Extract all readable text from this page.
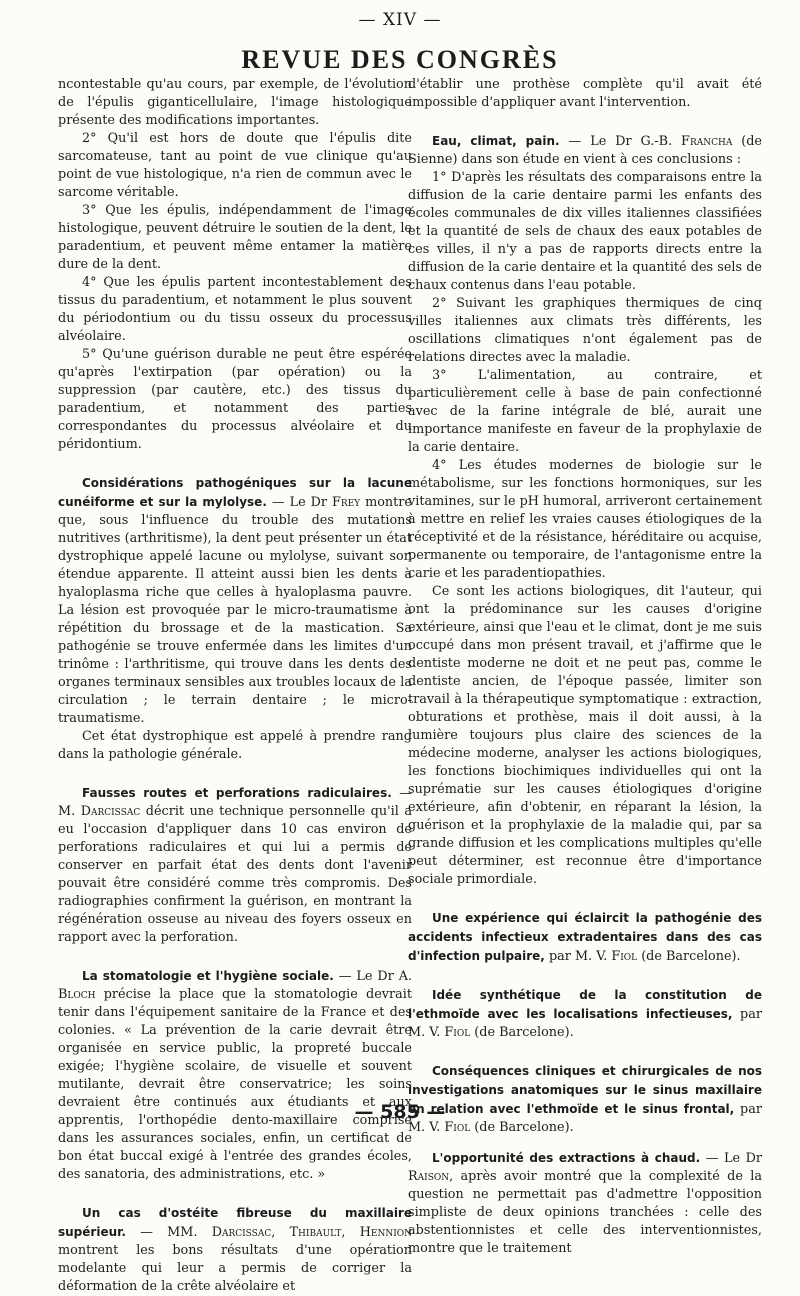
— XIV —
REVUE DES CONGRÈS

ncontestable qu'au cours, par exemple, de l'évolution de l'épulis giganticellulaire, l'image histologique présente des modifications importantes.

2° Qu'il est hors de doute que l'épulis dite sarcomateuse, tant au point de vue clinique qu'au point de vue histologique, n'a rien de commun avec le sarcome véritable.

3° Que les épulis, indépendamment de l'image histologique, peuvent détruire le soutien de la dent, le paradentium, et peuvent même entamer la matière dure de la dent.

4° Que les épulis partent incontestablement des tissus du paradentium, et notamment le plus souvent du périodontium ou du tissu osseux du processus alvéolaire.

5° Qu'une guérison durable ne peut être espérée qu'après l'extirpation (par opération) ou la suppression (par cautère, etc.) des tissus du paradentium, et notamment des parties correspondantes du processus alvéolaire et du péridontium.

Considérations pathogéniques sur la lacune cunéiforme et sur la mylolyse. — Le Dr Frey montre que, sous l'influence du trouble des mutations nutritives (arthritisme), la dent peut présenter un état dystrophique appelé lacune ou mylolyse, suivant son étendue apparente. Il atteint aussi bien les dents à hyaloplasma riche que celles à hyaloplasma pauvre. La lésion est provoquée par le micro-traumatisme à répétition du brossage et de la mastication. Sa pathogénie se trouve enfermée dans les limites d'un trinôme : l'arthritisme, qui trouve dans les dents des organes terminaux sensibles aux troubles locaux de la circulation ; le terrain dentaire ; le micro-traumatisme.

Cet état dystrophique est appelé à prendre rang dans la pathologie générale.

Fausses routes et perforations radiculaires. — M. Darcissac décrit une technique personnelle qu'il a eu l'occasion d'appliquer dans 10 cas environ de perforations radiculaires et qui lui a permis de conserver en parfait état des dents dont l'avenir pouvait être considéré comme très compromis. Des radiographies confirment la guérison, en montrant la régénération osseuse au niveau des foyers osseux en rapport avec la perforation.

La stomatologie et l'hygiène sociale. — Le Dr A. Bloch précise la place que la stomatologie devrait tenir dans l'équipement sanitaire de la France et des colonies. « La prévention de la carie devrait être organisée en service public, la propreté buccale exigée; l'hygiène scolaire, de visuelle et souvent mutilante, devrait être conservatrice; les soins devraient être continués aux étudiants et aux apprentis, l'orthopédie dento-maxillaire comprise dans les assurances sociales, enfin, un certificat de bon état buccal exigé à l'entrée des grandes écoles, des sanatoria, des administrations, etc. »

Un cas d'ostéite fibreuse du maxillaire supérieur. — MM. Darcissac, Thibault, Hennion montrent les bons résultats d'une opération modelante qui leur a permis de corriger la déformation de la crête alvéolaire et

d'établir une prothèse complète qu'il avait été impossible d'appliquer avant l'intervention.

Eau, climat, pain. — Le Dr G.-B. Francha (de Sienne) dans son étude en vient à ces conclusions :

1° D'après les résultats des comparaisons entre la diffusion de la carie dentaire parmi les enfants des écoles communales de dix villes italiennes classifiées et la quantité de sels de chaux des eaux potables de ces villes, il n'y a pas de rapports directs entre la diffusion de la carie dentaire et la quantité des sels de chaux contenus dans l'eau potable.

2° Suivant les graphiques thermiques de cinq villes italiennes aux climats très différents, les oscillations climatiques n'ont également pas de relations directes avec la maladie.

3° L'alimentation, au contraire, et particulièrement celle à base de pain confectionné avec de la farine intégrale de blé, aurait une importance manifeste en faveur de la prophylaxie de la carie dentaire.

4° Les études modernes de biologie sur le métabolisme, sur les fonctions hormoniques, sur les vitamines, sur le pH humoral, arriveront certainement à mettre en relief les vraies causes étiologiques de la réceptivité et de la résistance, héréditaire ou acquise, permanente ou temporaire, de l'antagonisme entre la carie et les paradentiopathies.

Ce sont les actions biologiques, dit l'auteur, qui ont la prédominance sur les causes d'origine extérieure, ainsi que l'eau et le climat, dont je me suis occupé dans mon présent travail, et j'affirme que le dentiste moderne ne doit et ne peut pas, comme le dentiste ancien, de l'époque passée, limiter son travail à la thérapeutique symptomatique : extraction, obturations et prothèse, mais il doit aussi, à la lumière toujours plus claire des sciences de la médecine moderne, analyser les actions biologiques, les fonctions biochimiques individuelles qui ont la suprématie sur les causes étiologiques d'origine extérieure, afin d'obtenir, en réparant la lésion, la guérison et la prophylaxie de la maladie qui, par sa grande diffusion et les complications multiples qu'elle peut déterminer, est reconnue être d'importance sociale primordiale.

Une expérience qui éclaircit la pathogénie des accidents infectieux extradentaires dans des cas d'infection pulpaire, par M. V. Fiol (de Barcelone).

Idée synthétique de la constitution de l'ethmoïde avec les localisations infectieuses, par M. V. Fiol (de Barcelone).

Conséquences cliniques et chirurgicales de nos investigations anatomiques sur le sinus maxillaire en relation avec l'ethmoïde et le sinus frontal, par M. V. Fiol (de Barcelone).

L'opportunité des extractions à chaud. — Le Dr Raison, après avoir montré que la complexité de la question ne permettait pas d'admettre l'opposition simpliste de deux opinions tranchées : celle des abstentionnistes et celle des interventionnistes, montre que le traitement

— 585 —
